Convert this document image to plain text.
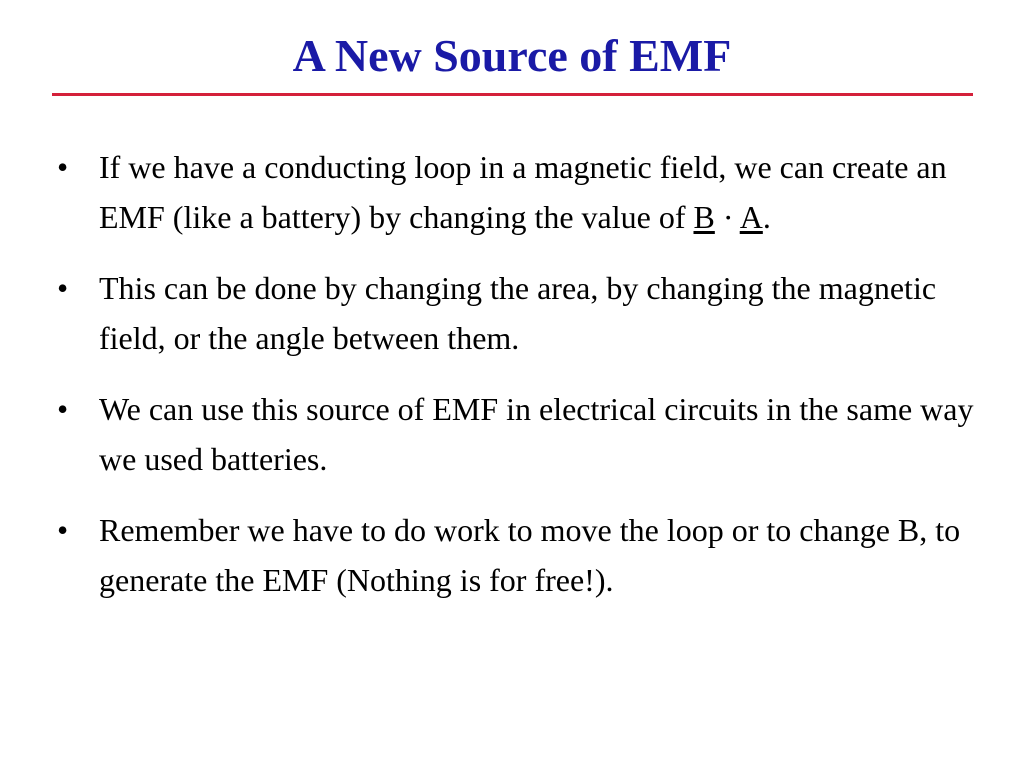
A New Source of EMF
• If we have a conducting loop in a magnetic field, we can create an EMF (like a battery) by changing the value of B · A.
• This can be done by changing the area, by changing the magnetic field, or the angle between them.
• We can use this source of EMF in electrical circuits in the same way we used batteries.
• Remember we have to do work to move the loop or to change B, to generate the EMF (Nothing is for free!).
